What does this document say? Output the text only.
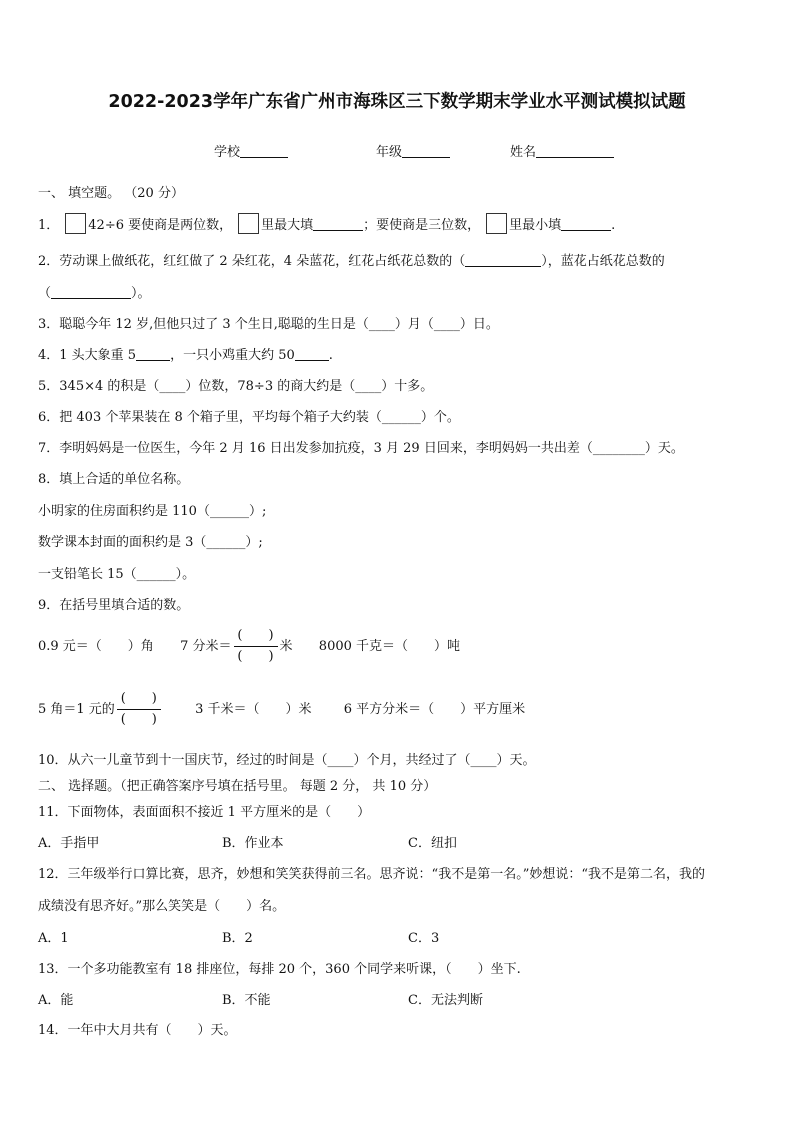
2022-2023学年广东省广州市海珠区三下数学期末学业水平测试模拟试题
学校	年级	姓名
一、 填空题。 （20 分）
1． 42÷6 要使商是两位数， 里最大填	；要使商是三位数， 里最小填	.
2．劳动课上做纸花，红红做了 2 朵红花，4 朵蓝花，红花占纸花总数的（	），蓝花占纸花总数的
（	）。
3．聪聪今年 12 岁,但他只过了 3 个生日,聪聪的生日是（____）月（____）日。
4．1 头大象重 5	，一只小鸡重大约 50	.
5．345×4 的积是（____）位数，78÷3 的商大约是（____）十多。
6．把 403 个苹果装在 8 个箱子里，平均每个箱子大约装（______）个。
7．李明妈妈是一位医生，今年 2 月 16 日出发参加抗疫，3 月 29 日回来，李明妈妈一共出差（________）天。
8．填上合适的单位名称。
小明家的住房面积约是 110（______）;
数学课本封面的面积约是 3（______）;
一支铅笔长 15（______）。
9．在括号里填合适的数。
0.9 元＝（　　）角 7 分米＝ $\frac{( )}{( )}$ 米 8000 千克＝（　　）吨
5 角＝1 元的 $\frac{( )}{( )}$	3 千米＝（　　）米 6 平方分米＝（　　）平方厘米
10．从六一儿童节到十一国庆节，经过的时间是（____）个月，共经过了（____）天。
二、 选择题。（把正确答案序号填在括号里。 每题 2 分， 共 10 分）
11．下面物体，表面面积不接近 1 平方厘米的是（　　）
A．手指甲	B．作业本	C．纽扣
12．三年级举行口算比赛，思齐，妙想和笑笑获得前三名。思齐说：“我不是第一名。”妙想说：“我不是第二名，我的
成绩没有思齐好。”那么笑笑是（　　）名。
A．1	B．2	C．3
13．一个多功能教室有 18 排座位，每排 20 个，360 个同学来听课，（　　）坐下.
A．能	B．不能	C．无法判断
14．一年中大月共有（　　）天。
